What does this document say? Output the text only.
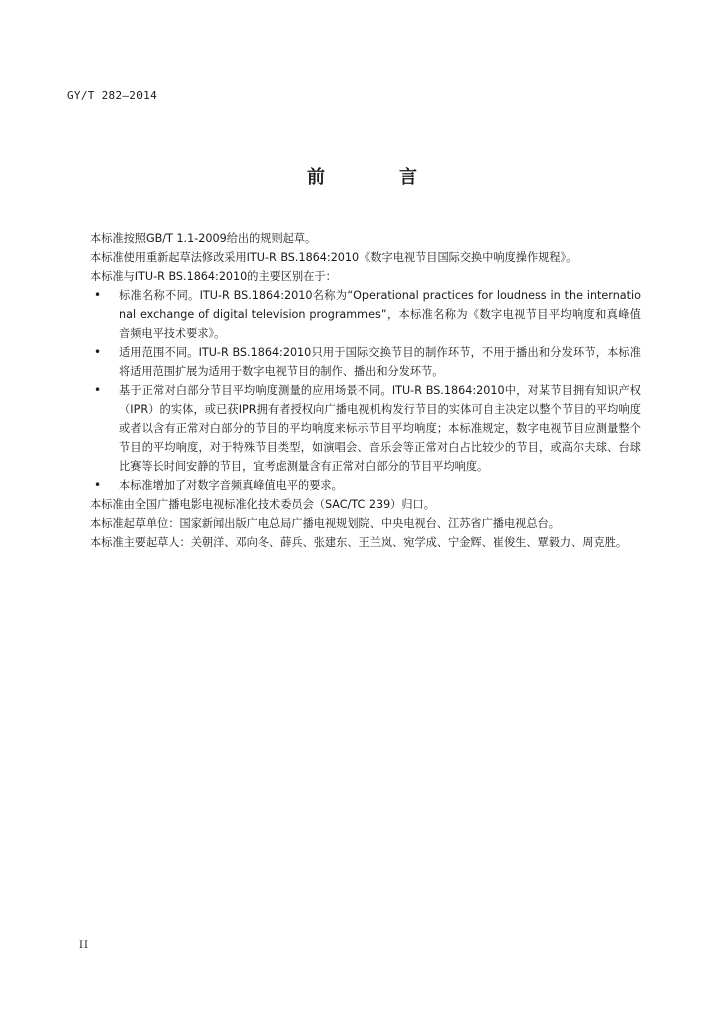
GY/T 282—2014
前　言

本标准按照GB/T 1.1-2009给出的规则起草。

本标准使用重新起草法修改采用ITU-R BS.1864:2010《数字电视节目国际交换中响度操作规程》。

本标准与ITU-R BS.1864:2010的主要区别在于：

• 标准名称不同。ITU-R BS.1864:2010名称为“Operational practices for loudness in the international exchange of digital television programmes”，本标准名称为《数字电视节目平均响度和真峰值音频电平技术要求》。
• 适用范围不同。ITU-R BS.1864:2010只用于国际交换节目的制作环节，不用于播出和分发环节，本标准将适用范围扩展为适用于数字电视节目的制作、播出和分发环节。
• 基于正常对白部分节目平均响度测量的应用场景不同。ITU-R BS.1864:2010中，对某节目拥有知识产权（IPR）的实体，或已获IPR拥有者授权向广播电视机构发行节目的实体可自主决定以整个节目的平均响度或者以含有正常对白部分的节目的平均响度来标示节目平均响度；本标准规定，数字电视节目应测量整个节目的平均响度，对于特殊节目类型，如演唱会、音乐会等正常对白占比较少的节目，或高尔夫球、台球比赛等长时间安静的节目，宜考虑测量含有正常对白部分的节目平均响度。
• 本标准增加了对数字音频真峰值电平的要求。

本标准由全国广播电影电视标准化技术委员会（SAC/TC 239）归口。

本标准起草单位：国家新闻出版广电总局广播电视规划院、中央电视台、江苏省广播电视总台。

本标准主要起草人：关朝洋、邓向冬、薛兵、张建东、王兰岚、宛学成、宁金辉、崔俊生、覃毅力、周克胜。

II
